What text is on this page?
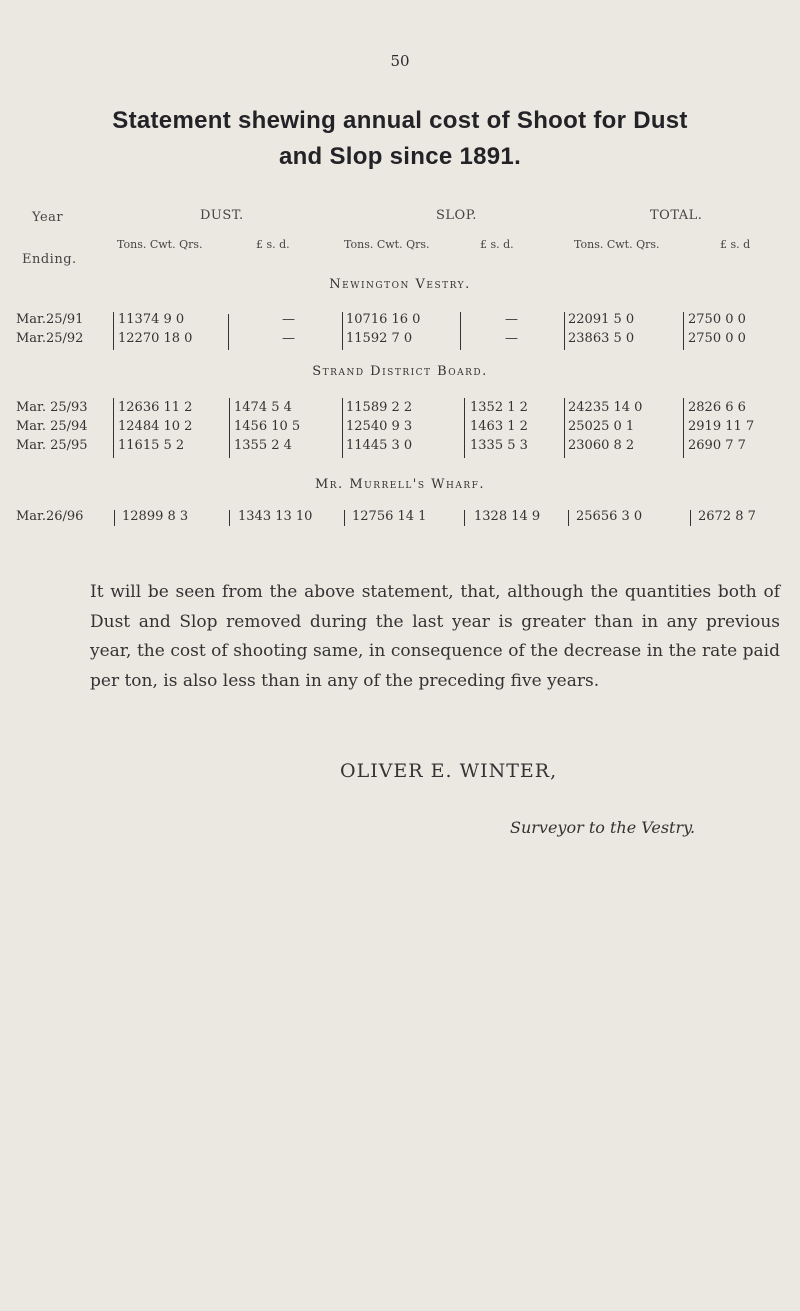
50
Statement shewing annual cost of Shoot for Dust
and Slop since 1891.
Year	DUST.	SLOP.	TOTAL.
Ending.
Tons. Cwt. Qrs.	£ s. d.	Tons. Cwt. Qrs.	£ s. d.	Tons. Cwt. Qrs.	£ s. d
Newington Vestry.
Mar.25/91	11374 9 0	—	10716 16 0	—	22091 5 0	2750 0 0
Mar.25/92	12270 18 0	—	11592 7 0	—	23863 5 0	2750 0 0
Strand District Board.
Mar. 25/93 12636 11 2	1474 5 4	11589 2 2	1352 1 2	24235 14 0	2826 6 6
Mar. 25/94 12484 10 2	1456 10 5	12540 9 3	1463 1 2	25025 0 1	2919 11 7
Mar. 25/95 11615 5 2	1355 2 4	11445 3 0	1335 5 3	23060 8 2	2690 7 7
Mr. Murrell's Wharf.
Mar.26/96	12899 8 3	1343 13 10	12756 14 1	1328 14 9	25656 3 0	2672 8 7
It will be seen from the above statement, that, although the quantities both of Dust and Slop removed during the last year is greater than in any previous year, the cost of shooting same, in consequence of the decrease in the rate paid per ton, is also less than in any of the preceding five years.
OLIVER E. WINTER,
Surveyor to the Vestry.
